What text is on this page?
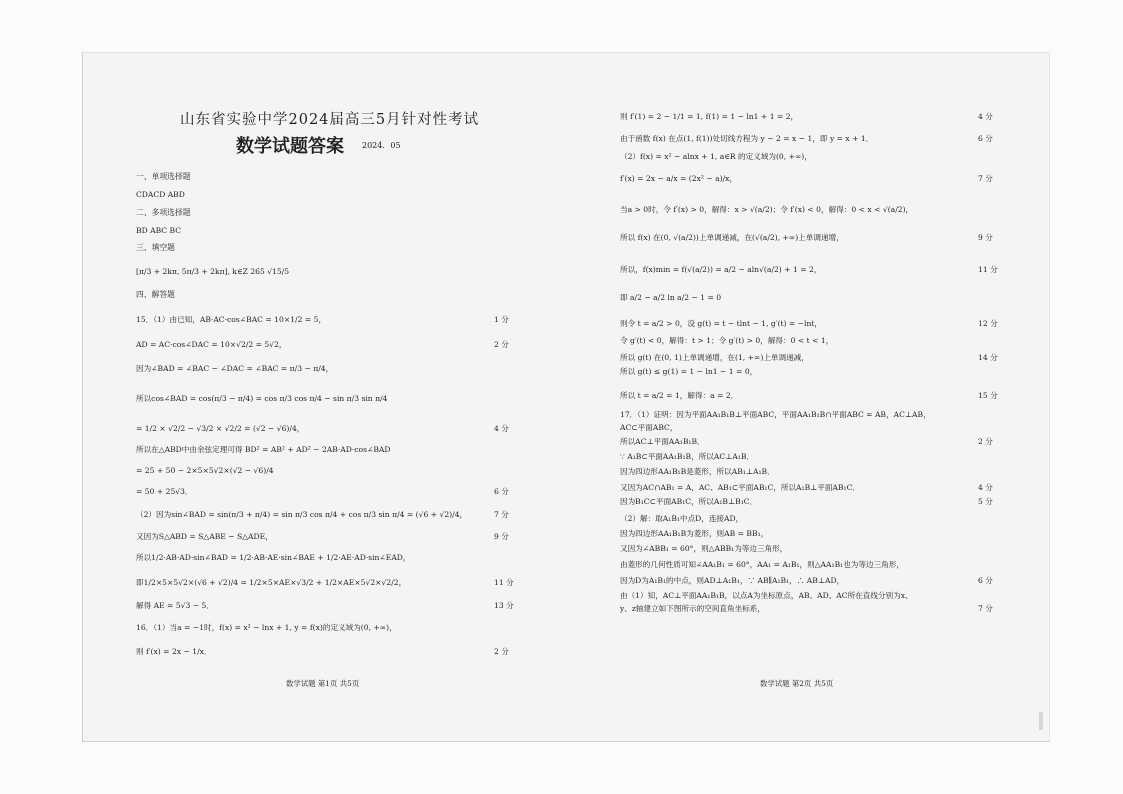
山东省实验中学2024届高三5月针对性考试
数学试题答案 2024．05
一、单项选择题
CDACD ABD
二、多项选择题
BD ABC BC
三、填空题
[π/3 + 2kπ, 5π/3 + 2kπ], k∈Z 265 √15/5
四、解答题
15．（1）由已知，AB·AC·cos∠BAC = 10×1/2 = 5，	1 分
AD = AC·cos∠DAC = 10×√2/2 = 5√2，	2 分
因为∠BAD = ∠BAC − ∠DAC = ∠BAC = π/3 − π/4，
所以cos∠BAD = cos(π/3 − π/4) = cos π/3 cos π/4 − sin π/3 sin π/4
= 1/2 × √2/2 − √3/2 × √2/2 = (√2 − √6)/4，	4 分
所以在△ABD中由余弦定理可得 BD² = AB² + AD² − 2AB·AD·cos∠BAD
= 25 + 50 − 2×5×5√2×(√2 − √6)/4
= 50 + 25√3．	6 分
（2）因为sin∠BAD = sin(π/3 + π/4) = sin π/3 cos π/4 + cos π/3 sin π/4 = (√6 + √2)/4，	7 分
又因为S△ABD = S△ABE − S△ADE，	9 分
所以1/2·AB·AD·sin∠BAD = 1/2·AB·AE·sin∠BAE + 1/2·AE·AD·sin∠EAD，
即1/2×5×5√2×(√6 + √2)/4 = 1/2×5×AE×√3/2 + 1/2×AE×5√2×√2/2，	11 分
解得 AE = 5√3 − 5．	13 分
16．（1）当a = −1时，f(x) = x² − lnx + 1, y = f(x)的定义域为(0, +∞)，
则 f′(x) = 2x − 1/x．	2 分
则 f′(1) = 2 − 1/1 = 1, f(1) = 1 − ln1 + 1 = 2，	4 分
由于函数 f(x) 在点(1, f(1))处切线方程为 y − 2 = x − 1，即 y = x + 1．	6 分
（2）f(x) = x² − alnx + 1, a∈R 的定义域为(0, +∞)，
f′(x) = 2x − a/x = (2x² − a)/x，	7 分
当a > 0时，令 f′(x) > 0，解得：x > √(a/2)；令 f′(x) < 0，解得：0 < x < √(a/2)，
所以 f(x) 在(0, √(a/2))上单调递减，在(√(a/2), +∞)上单调递增，	9 分
所以，f(x)min = f(√(a/2)) = a/2 − aln√(a/2) + 1 = 2，	11 分
即 a/2 − a/2 ln a/2 − 1 = 0
则令 t = a/2 > 0，设 g(t) = t − tlnt − 1, g′(t) = −lnt，	12 分
令 g′(t) < 0，解得：t > 1；令 g′(t) > 0，解得：0 < t < 1，
所以 g(t) 在(0, 1)上单调递增，在(1, +∞)上单调递减，	14 分
所以 g(t) ≤ g(1) = 1 − ln1 − 1 = 0，
所以 t = a/2 = 1，解得：a = 2．	15 分
17．（1）证明：因为平面AA₁B₁B⊥平面ABC，平面AA₁B₁B∩平面ABC = AB，AC⊥AB，
AC⊂平面ABC，
所以AC⊥平面AA₁B₁B．	2 分
∵ A₁B⊂平面AA₁B₁B，所以AC⊥A₁B．
因为四边形AA₁B₁B是菱形，所以AB₁⊥A₁B．
又因为AC∩AB₁ = A，AC、AB₁⊂平面AB₁C，所以A₁B⊥平面AB₁C．	4 分
因为B₁C⊂平面AB₁C，所以A₁B⊥B₁C．	5 分
（2）解：取A₁B₁中点D，连接AD，
因为四边形AA₁B₁B为菱形，则AB = BB₁，
又因为∠ABB₁ = 60°，则△ABB₁为等边三角形，
由菱形的几何性质可知∠AA₁B₁ = 60°，AA₁ = A₁B₁，则△AA₁B₁也为等边三角形，
因为D为A₁B₁的中点，则AD⊥A₁B₁，∵ AB∥A₁B₁，∴ AB⊥AD，	6 分
由（1）知，AC⊥平面AA₁B₁B，以点A为坐标原点，AB、AD、AC所在直线分别为x、
y、z轴建立如下图所示的空间直角坐标系，	7 分
数学试题 第1页 共5页	数学试题 第2页 共5页
